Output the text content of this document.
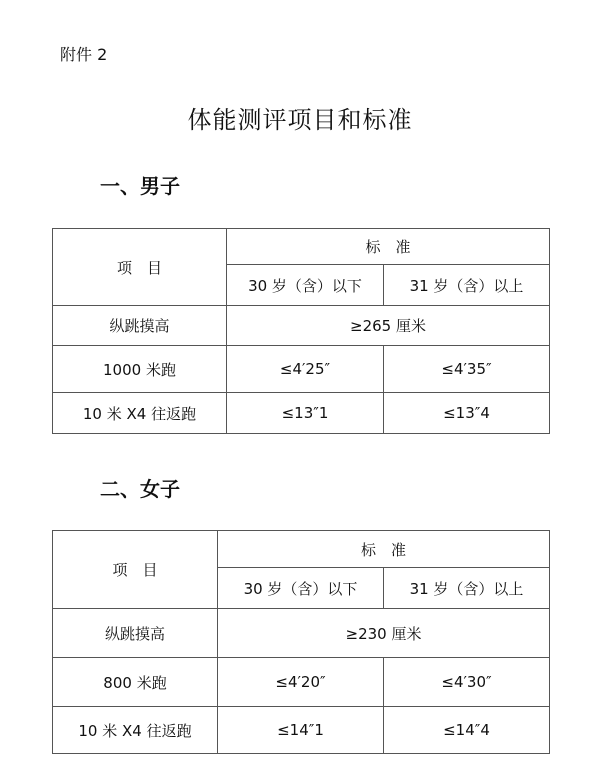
附件 2
体能测评项目和标准
一、男子
项　目	标　准	
	30 岁（含）以下	31 岁（含）以上
纵跳摸高	≥265 厘米	
1000 米跑	≤4′25″	≤4′35″
10 米 X4 往返跑	≤13″1	≤13″4
二、女子
项　目	标　准	
	30 岁（含）以下	31 岁（含）以上
纵跳摸高	≥230 厘米	
800 米跑	≤4′20″	≤4′30″
10 米 X4 往返跑	≤14″1	≤14″4
